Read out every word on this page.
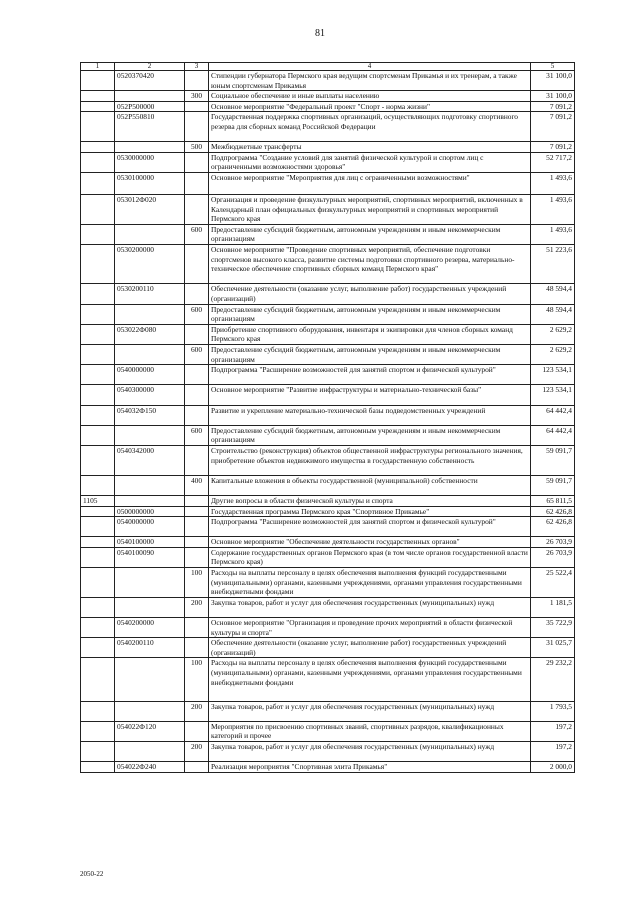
81
1	2	3	4	5
	0520370420		Стипендии губернатора Пермского края ведущим спортсменам Прикамья и их тренерам, а также юным спортсменам Прикамья	31 100,0
		300	Социальное обеспечение и иные выплаты населению	31 100,0
	052P500000		Основное мероприятие "Федеральный проект "Спорт - норма жизни"	7 091,2
	052P550810		Государственная поддержка спортивных организаций, осуществляющих подготовку спортивного резерва для сборных команд Российской Федерации	7 091,2
		500	Межбюджетные трансферты	7 091,2
	0530000000		Подпрограмма "Создание условий для занятий физической культурой и спортом лиц с ограниченными возможностями здоровья"	52 717,2
	0530100000		Основное мероприятие "Мероприятия для лиц с ограниченными возможностями"	1 493,6
	053012Ф020		Организация и проведение физкультурных мероприятий, спортивных мероприятий, включенных в Календарный план официальных физкультурных мероприятий и спортивных мероприятий Пермского края	1 493,6
		600	Предоставление субсидий бюджетным, автономным учреждениям и иным некоммерческим организациям	1 493,6
	0530200000		Основное мероприятие "Проведение спортивных мероприятий, обеспечение подготовки спортсменов высокого класса, развитие системы подготовки спортивного резерва, материально-техническое обеспечение спортивных сборных команд Пермского края"	51 223,6
	0530200110		Обеспечение деятельности (оказание услуг, выполнение работ) государственных учреждений (организаций)	48 594,4
		600	Предоставление субсидий бюджетным, автономным учреждениям и иным некоммерческим организациям	48 594,4
	053022Ф080		Приобретение спортивного оборудования, инвентаря и экипировки для членов сборных команд Пермского края	2 629,2
		600	Предоставление субсидий бюджетным, автономным учреждениям и иным некоммерческим организациям	2 629,2
	0540000000		Подпрограмма "Расширение возможностей для занятий спортом и физической культурой"	123 534,1
	0540300000		Основное мероприятие "Развитие инфраструктуры и материально-технической базы"	123 534,1
	054032Ф150		Развитие и укрепление материально-технической базы подведомственных учреждений	64 442,4
		600	Предоставление субсидий бюджетным, автономным учреждениям и иным некоммерческим организациям	64 442,4
	0540342000		Строительство (реконструкция) объектов общественной инфраструктуры регионального значения, приобретение объектов недвижимого имущества в государственную собственность	59 091,7
		400	Капитальные вложения в объекты государственной (муниципальной) собственности	59 091,7
1105			Другие вопросы в области физической культуры и спорта	65 811,5
	0500000000		Государственная программа Пермского края "Спортивное Прикамье"	62 426,8
	0540000000		Подпрограмма "Расширение возможностей для занятий спортом и физической культурой"	62 426,8
	0540100000		Основное мероприятие "Обеспечение деятельности государственных органов"	26 703,9
	0540100090		Содержание государственных органов Пермского края (в том числе органов государственной власти Пермского края)	26 703,9
		100	Расходы на выплаты персоналу в целях обеспечения выполнения функций государственными (муниципальными) органами, казенными учреждениями, органами управления государственными внебюджетными фондами	25 522,4
		200	Закупка товаров, работ и услуг для обеспечения государственных (муниципальных) нужд	1 181,5
	0540200000		Основное мероприятие "Организация и проведение прочих мероприятий в области физической культуры и спорта"	35 722,9
	0540200110		Обеспечение деятельности (оказание услуг, выполнение работ) государственных учреждений (организаций)	31 025,7
		100	Расходы на выплаты персоналу в целях обеспечения выполнения функций государственными (муниципальными) органами, казенными учреждениями, органами управления государственными внебюджетными фондами	29 232,2
		200	Закупка товаров, работ и услуг для обеспечения государственных (муниципальных) нужд	1 793,5
	054022Ф120		Мероприятия по присвоению спортивных званий, спортивных разрядов, квалификационных категорий и прочее	197,2
		200	Закупка товаров, работ и услуг для обеспечения государственных (муниципальных) нужд	197,2
	054022Ф240		Реализация мероприятия "Спортивная элита Прикамья"	2 000,0
2050-22
